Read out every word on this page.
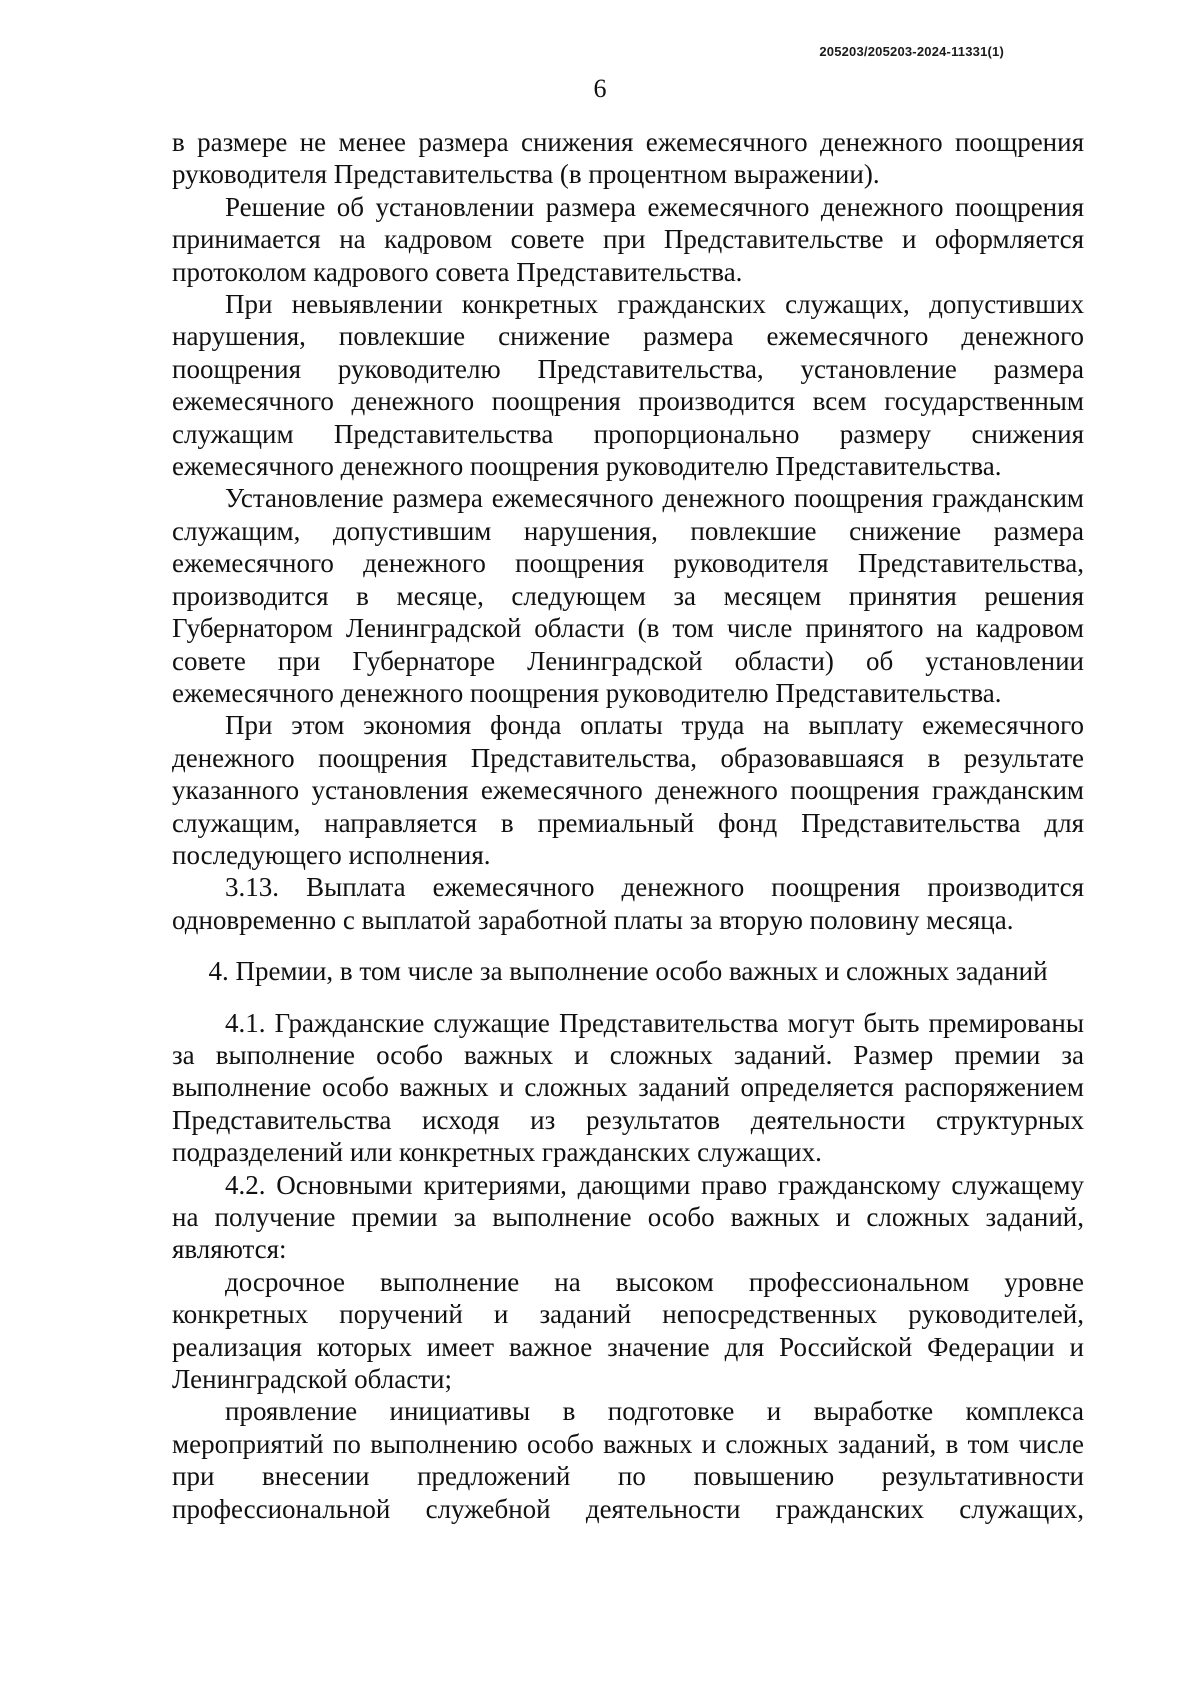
205203/205203-2024-11331(1)
6

в размере не менее размера снижения ежемесячного денежного поощрения руководителя Представительства (в процентном выражении).

Решение об установлении размера ежемесячного денежного поощрения принимается на кадровом совете при Представительстве и оформляется протоколом кадрового совета Представительства.

При невыявлении конкретных гражданских служащих, допустивших нарушения, повлекшие снижение размера ежемесячного денежного поощрения руководителю Представительства, установление размера ежемесячного денежного поощрения производится всем государственным служащим Представительства пропорционально размеру снижения ежемесячного денежного поощрения руководителю Представительства.

Установление размера ежемесячного денежного поощрения гражданским служащим, допустившим нарушения, повлекшие снижение размера ежемесячного денежного поощрения руководителя Представительства, производится в месяце, следующем за месяцем принятия решения Губернатором Ленинградской области (в том числе принятого на кадровом совете при Губернаторе Ленинградской области) об установлении ежемесячного денежного поощрения руководителю Представительства.

При этом экономия фонда оплаты труда на выплату ежемесячного денежного поощрения Представительства, образовавшаяся в результате указанного установления ежемесячного денежного поощрения гражданским служащим, направляется в премиальный фонд Представительства для последующего исполнения.

3.13. Выплата ежемесячного денежного поощрения производится одновременно с выплатой заработной платы за вторую половину месяца.

4. Премии, в том числе за выполнение особо важных и сложных заданий

4.1. Гражданские служащие Представительства могут быть премированы за выполнение особо важных и сложных заданий. Размер премии за выполнение особо важных и сложных заданий определяется распоряжением Представительства исходя из результатов деятельности структурных подразделений или конкретных гражданских служащих.

4.2. Основными критериями, дающими право гражданскому служащему на получение премии за выполнение особо важных и сложных заданий, являются:

досрочное выполнение на высоком профессиональном уровне конкретных поручений и заданий непосредственных руководителей, реализация которых имеет важное значение для Российской Федерации и Ленинградской области;

проявление инициативы в подготовке и выработке комплекса мероприятий по выполнению особо важных и сложных заданий, в том числе при внесении предложений по повышению результативности профессиональной служебной деятельности гражданских служащих,
